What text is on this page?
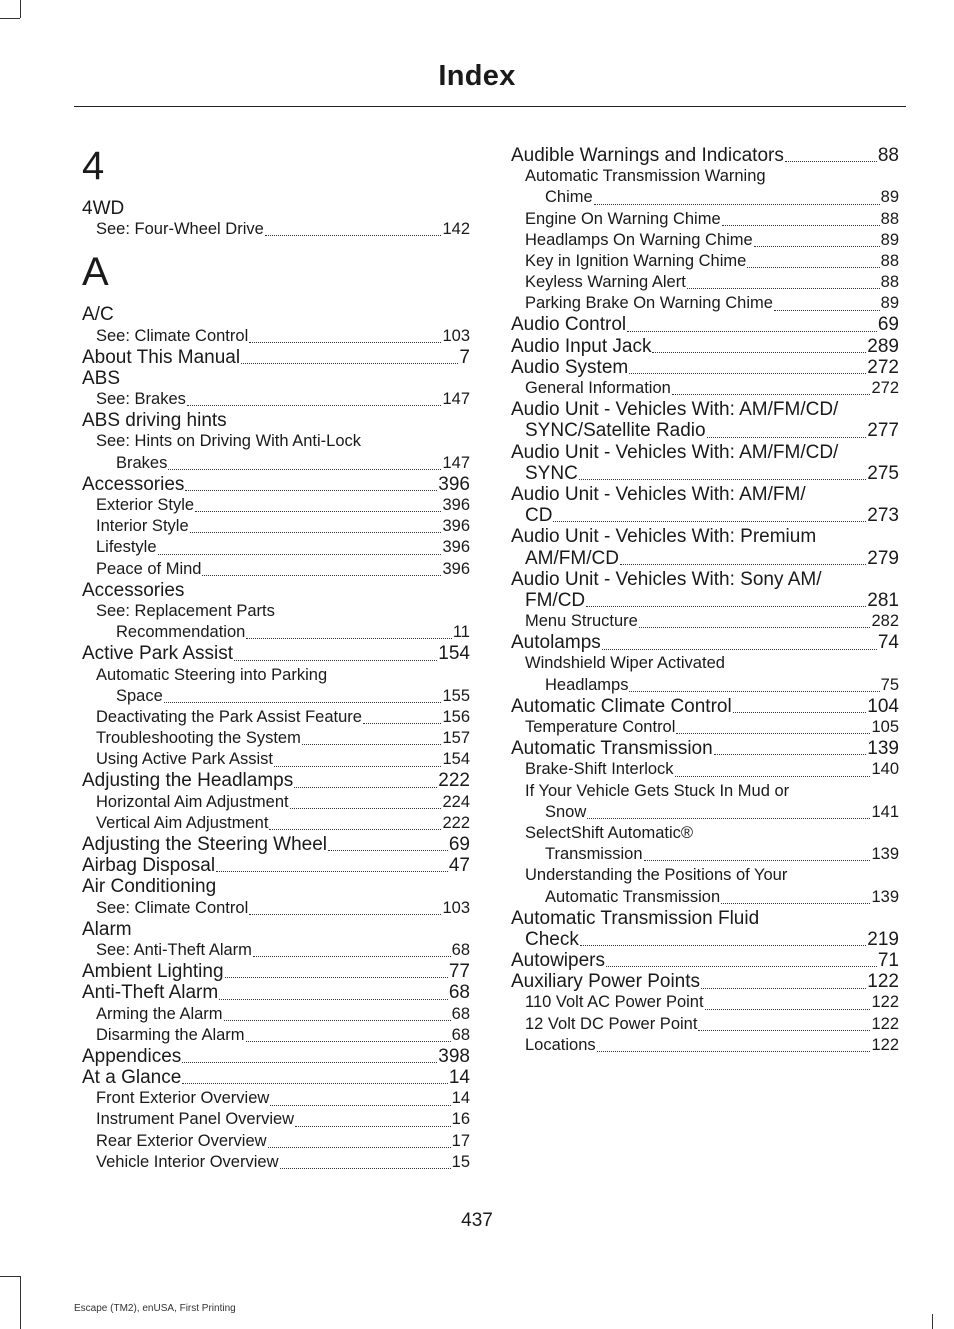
Index
4
4WD
See: Four-Wheel Drive	142
A
A/C
See: Climate Control	103
About This Manual	7
ABS
See: Brakes	147
ABS driving hints
See: Hints on Driving With Anti-Lock
Brakes	147
Accessories	396
Exterior Style	396
Interior Style	396
Lifestyle	396
Peace of Mind	396
Accessories
See: Replacement Parts
Recommendation	11
Active Park Assist	154
Automatic Steering into Parking
Space	155
Deactivating the Park Assist Feature	156
Troubleshooting the System	157
Using Active Park Assist	154
Adjusting the Headlamps	222
Horizontal Aim Adjustment	224
Vertical Aim Adjustment	222
Adjusting the Steering Wheel	69
Airbag Disposal	47
Air Conditioning
See: Climate Control	103
Alarm
See: Anti-Theft Alarm	68
Ambient Lighting	77
Anti-Theft Alarm	68
Arming the Alarm	68
Disarming the Alarm	68
Appendices	398
At a Glance	14
Front Exterior Overview	14
Instrument Panel Overview	16
Rear Exterior Overview	17
Vehicle Interior Overview	15
Audible Warnings and Indicators	88
Automatic Transmission Warning
Chime	89
Engine On Warning Chime	88
Headlamps On Warning Chime	89
Key in Ignition Warning Chime	88
Keyless Warning Alert	88
Parking Brake On Warning Chime	89
Audio Control	69
Audio Input Jack	289
Audio System	272
General Information	272
Audio Unit - Vehicles With: AM/FM/CD/
SYNC/Satellite Radio	277
Audio Unit - Vehicles With: AM/FM/CD/
SYNC	275
Audio Unit - Vehicles With: AM/FM/
CD	273
Audio Unit - Vehicles With: Premium
AM/FM/CD	279
Audio Unit - Vehicles With: Sony AM/
FM/CD	281
Menu Structure	282
Autolamps	74
Windshield Wiper Activated
Headlamps	75
Automatic Climate Control	104
Temperature Control	105
Automatic Transmission	139
Brake-Shift Interlock	140
If Your Vehicle Gets Stuck In Mud or
Snow	141
SelectShift Automatic®
Transmission	139
Understanding the Positions of Your
Automatic Transmission	139
Automatic Transmission Fluid
Check	219
Autowipers	71
Auxiliary Power Points	122
110 Volt AC Power Point	122
12 Volt DC Power Point	122
Locations	122
437
Escape (TM2), enUSA, First Printing
